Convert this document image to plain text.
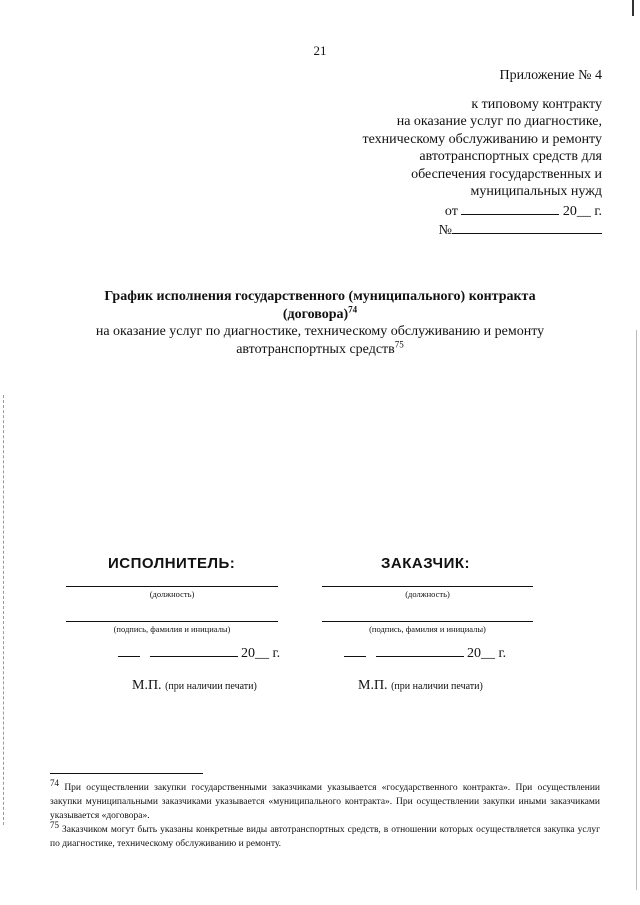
21
Приложение № 4
к типовому контракту
на оказание услуг по диагностике,
техническому обслуживанию и ремонту
автотранспортных средств для
обеспечения государственных и
муниципальных нужд
от	20__ г.
№
График исполнения государственного (муниципального) контракта
(договора)$^{74}$
на оказание услуг по диагностике, техническому обслуживанию и ремонту
автотранспортных средств$^{75}$
ИСПОЛНИТЕЛЬ:
(должность)
(подпись, фамилия и инициалы)
20__ г.
М.П. (при наличии печати)
ЗАКАЗЧИК:
(должность)
(подпись, фамилия и инициалы)
20__ г.
М.П. (при наличии печати)

$^{74}$ При осуществлении закупки государственными заказчиками указывается «государственного контракта». При осуществлении закупки муниципальными заказчиками указывается «муниципального контракта». При осуществлении закупки иными заказчиками указывается «договора».

$^{75}$ Заказчиком могут быть указаны конкретные виды автотранспортных средств, в отношении которых осуществляется закупка услуг по диагностике, техническому обслуживанию и ремонту.
